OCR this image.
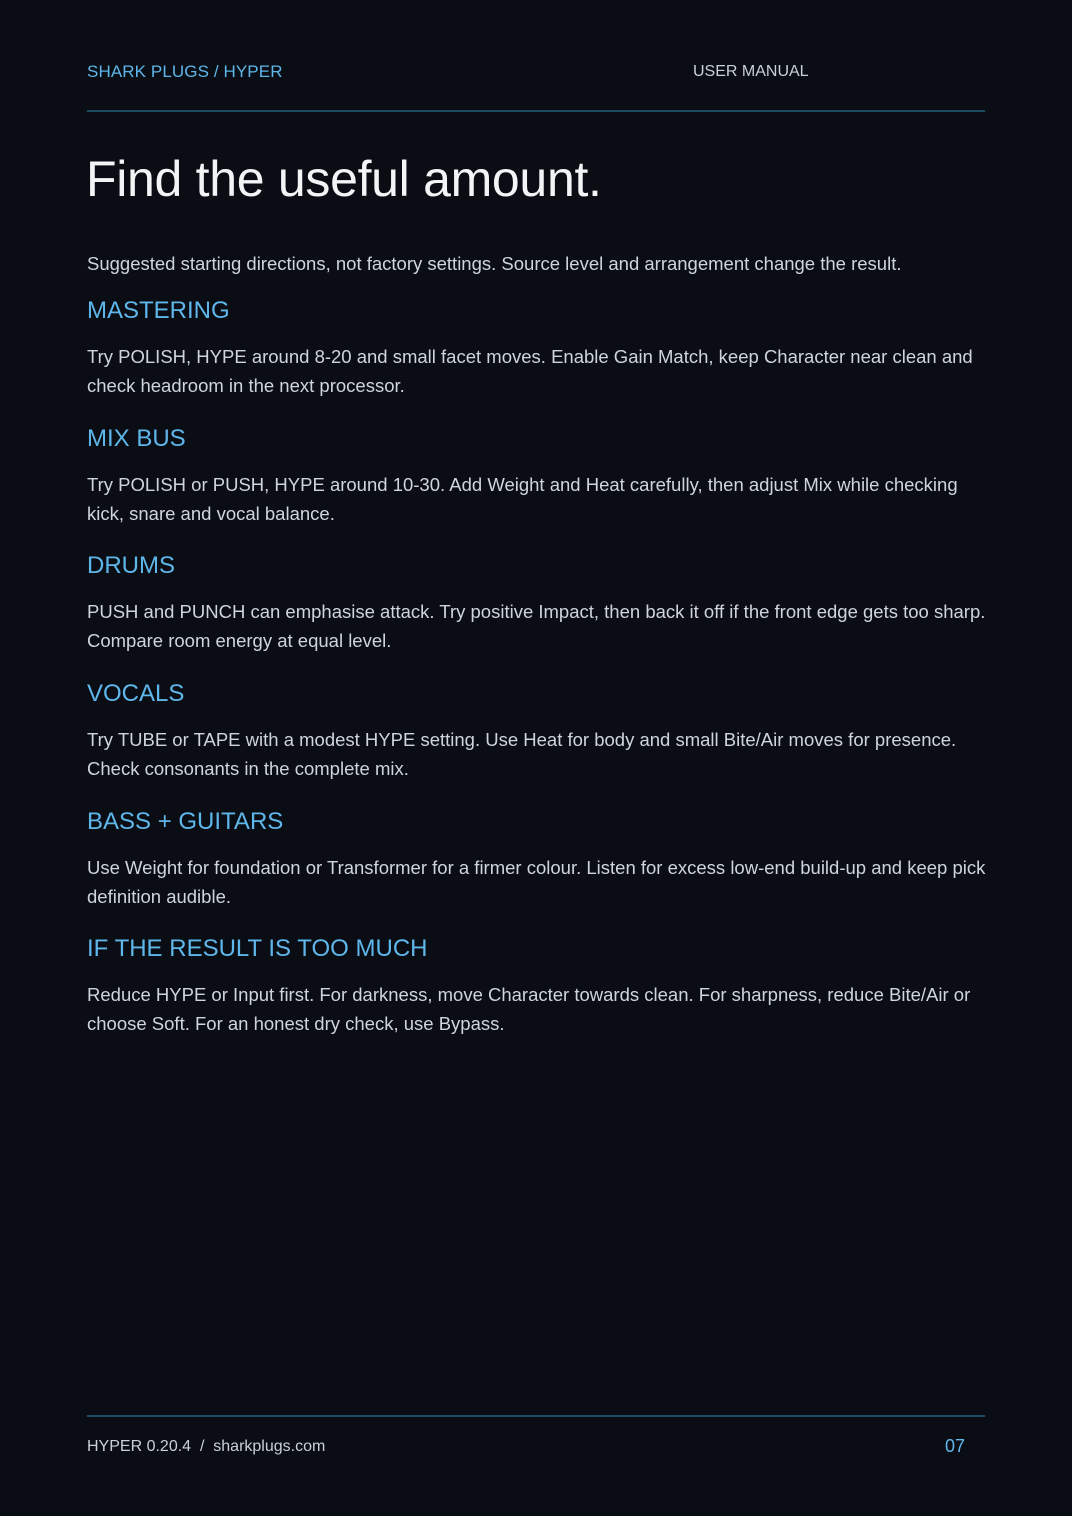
SHARK PLUGS / HYPER	USER MANUAL
Find the useful amount.

Suggested starting directions, not factory settings. Source level and arrangement change the result.

MASTERING

Try POLISH, HYPE around 8-20 and small facet moves. Enable Gain Match, keep Character near clean and check headroom in the next processor.

MIX BUS

Try POLISH or PUSH, HYPE around 10-30. Add Weight and Heat carefully, then adjust Mix while checking kick, snare and vocal balance.

DRUMS

PUSH and PUNCH can emphasise attack. Try positive Impact, then back it off if the front edge gets too sharp. Compare room energy at equal level.

VOCALS

Try TUBE or TAPE with a modest HYPE setting. Use Heat for body and small Bite/Air moves for presence. Check consonants in the complete mix.

BASS + GUITARS

Use Weight for foundation or Transformer for a firmer colour. Listen for excess low-end build-up and keep pick definition audible.

IF THE RESULT IS TOO MUCH

Reduce HYPE or Input first. For darkness, move Character towards clean. For sharpness, reduce Bite/Air or choose Soft. For an honest dry check, use Bypass.

HYPER 0.20.4  /  sharkplugs.com	07
